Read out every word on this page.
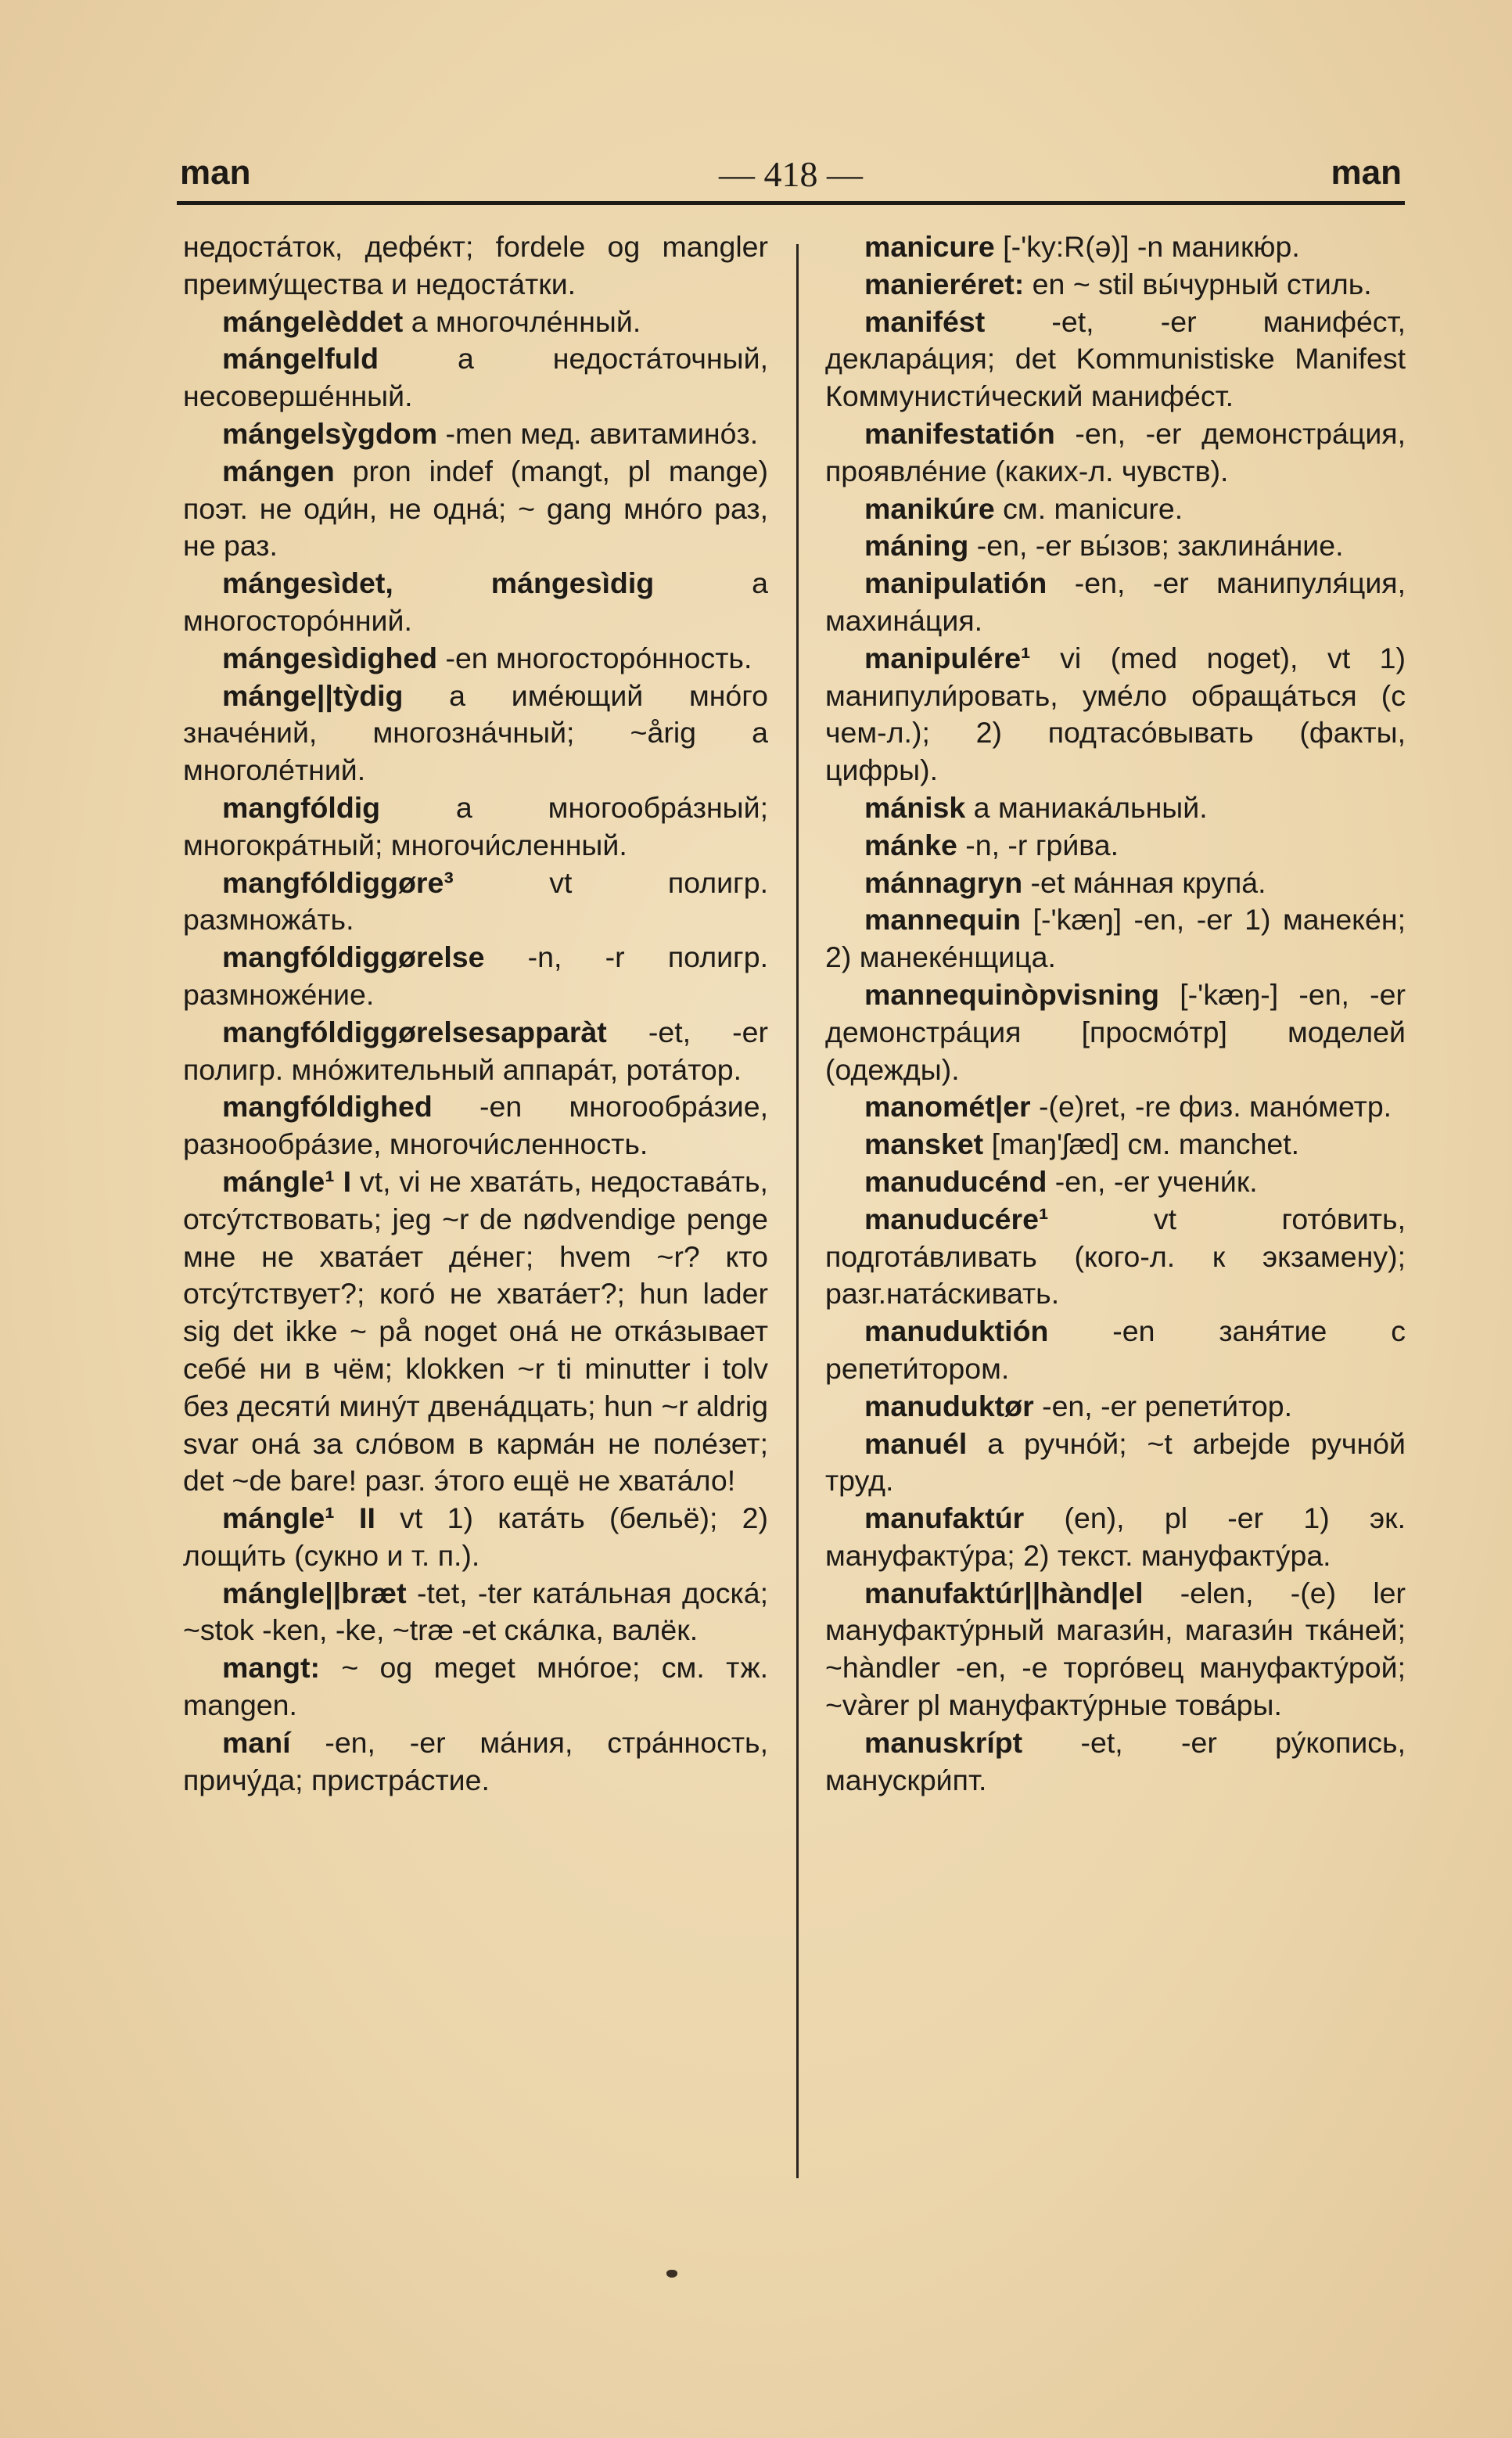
man	— 418 —	man

недоста́ток, дефе́кт; fordele og mangler преиму́щества и недоста́тки.

mángelèddet a многочле́нный.

mángelfuld a недоста́точный, несоверше́нный.

mángelsỳgdom -men мед. авитамино́з.

mángen pron indef (mangt, pl mange) поэт. не оди́н, не одна́; ~ gang мно́го раз, не раз.

mángesìdet, mángesìdig a многосторо́нний.

mángesìdighed -en многосторо́нность.

mánge||tỳdig a име́ющий мно́го значе́ний, многозна́чный; ~årig a многоле́тний.

mangfóldig a многообра́зный; многокра́тный; многочи́сленный.

mangfóldiggøre³ vt полигр. размножа́ть.

mangfóldiggørelse -n, -r полигр. размноже́ние.

mangfóldiggørelsesapparàt -et, -er полигр. мно́жительный аппара́т, рота́тор.

mangfóldighed -en многообра́зие, разнообра́зие, многочи́сленность.

mángle¹ I vt, vi не хвата́ть, недостава́ть, отсу́тствовать; jeg ~r de nødvendige penge мне не хвата́ет де́нег; hvem ~r? кто отсу́тствует?; кого́ не хвата́ет?; hun lader sig det ikke ~ på noget она́ не отка́зывает себе́ ни в чём; klokken ~r ti minutter i tolv без десяти́ мину́т двена́дцать; hun ~r aldrig svar она́ за сло́вом в карма́н не поле́зет; det ~de bare! разг. э́того ещё не хвата́ло!

mángle¹ II vt 1) ката́ть (бельё); 2) лощи́ть (сукно и т. п.).

mángle||bræt -tet, -ter ката́льная доска́; ~stok -ken, -ke, ~træ -et ска́лка, валёк.

mangt: ~ og meget мно́гое; см. тж. mangen.

maní -en, -er ма́ния, стра́нность, причу́да; пристра́стие.

manicure [-'ky:R(ə)] -n маникю́р.

manieréret: en ~ stil вы́чурный стиль.

manifést -et, -er манифе́ст, деклара́ция; det Kommunistiske Manifest Коммунисти́ческий манифе́ст.

manifestatión -en, -er демонстра́ция, проявле́ние (каких-л. чувств).

manikúre см. manicure.

máning -en, -er вы́зов; заклина́ние.

manipulatión -en, -er манипуля́ция, махина́ция.

manipulére¹ vi (med noget), vt 1) манипули́ровать, уме́ло обраща́ться (с чем-л.); 2) подтасо́вывать (факты, цифры).

mánisk a маниака́льный.

mánke -n, -r гри́ва.

mánnagryn -et ма́нная крупа́.

mannequin [-'kæŋ] -en, -er 1) манеке́н; 2) манеке́нщица.

mannequinòpvisning [-'kæŋ-] -en, -er демонстра́ция [просмо́тр] моделей (одежды).

manomét|er -(e)ret, -re физ. мано́метр.

mansket [maŋ'ʃæd] см. manchet.

manuducénd -en, -er учени́к.

manuducére¹ vt гото́вить, подгота́вливать (кого-л. к экзамену); разг.ната́скивать.

manuduktión -en заня́тие с репети́тором.

manuduktør -en, -er репети́тор.

manuél a ручно́й; ~t arbejde ручно́й труд.

manufaktúr (en), pl -er 1) эк. мануфакту́ра; 2) текст. мануфакту́ра.

manufaktúr||hànd|el -elen, -(e) ler мануфакту́рный магази́н, магази́н тка́ней; ~hàndler -en, -e торго́вец мануфакту́рой; ~vàrer pl мануфакту́рные това́ры.

manuskrípt -et, -er ру́копись, манускри́пт.
